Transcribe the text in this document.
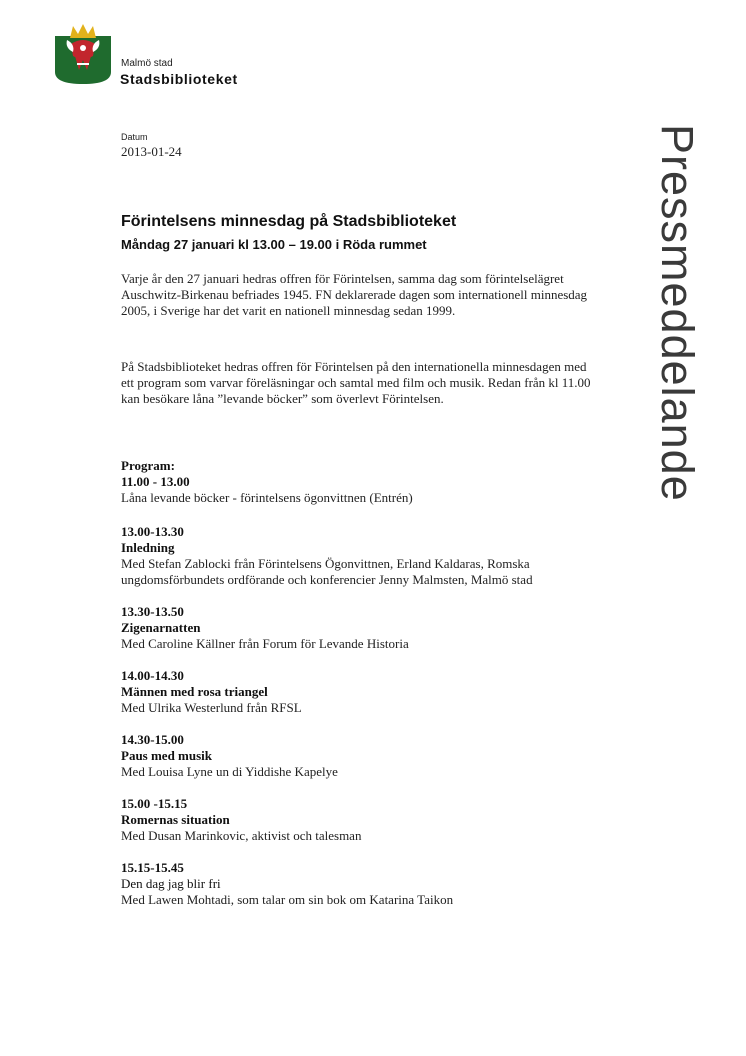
Malmö stad
Stadsbiblioteket
Datum
2013-01-24	Pressmeddelande
Förintelsens minnesdag på Stadsbiblioteket
Måndag 27 januari kl 13.00 – 19.00 i Röda rummet
Varje år den 27 januari hedras offren för Förintelsen, samma dag som förintelselägret Auschwitz-Birkenau befriades 1945. FN deklarerade dagen som internationell minnesdag 2005, i Sverige har det varit en nationell minnesdag sedan 1999.
På Stadsbiblioteket hedras offren för Förintelsen på den internationella minnesdagen med ett program som varvar föreläsningar och samtal med film och musik. Redan från kl 11.00 kan besökare låna ”levande böcker” som överlevt Förintelsen.
Program:
11.00 - 13.00
Låna levande böcker - förintelsens ögonvittnen (Entrén)
13.00-13.30
Inledning
Med Stefan Zablocki från Förintelsens Ögonvittnen, Erland Kaldaras, Romska ungdomsförbundets ordförande och konferencier Jenny Malmsten, Malmö stad
13.30-13.50
Zigenarnatten
Med Caroline Källner från Forum för Levande Historia
14.00-14.30
Männen med rosa triangel
Med Ulrika Westerlund från RFSL
14.30-15.00
Paus med musik
Med Louisa Lyne un di Yiddishe Kapelye
15.00 -15.15
Romernas situation
Med Dusan Marinkovic, aktivist och talesman
15.15-15.45
Den dag jag blir fri
Med Lawen Mohtadi, som talar om sin bok om Katarina Taikon
